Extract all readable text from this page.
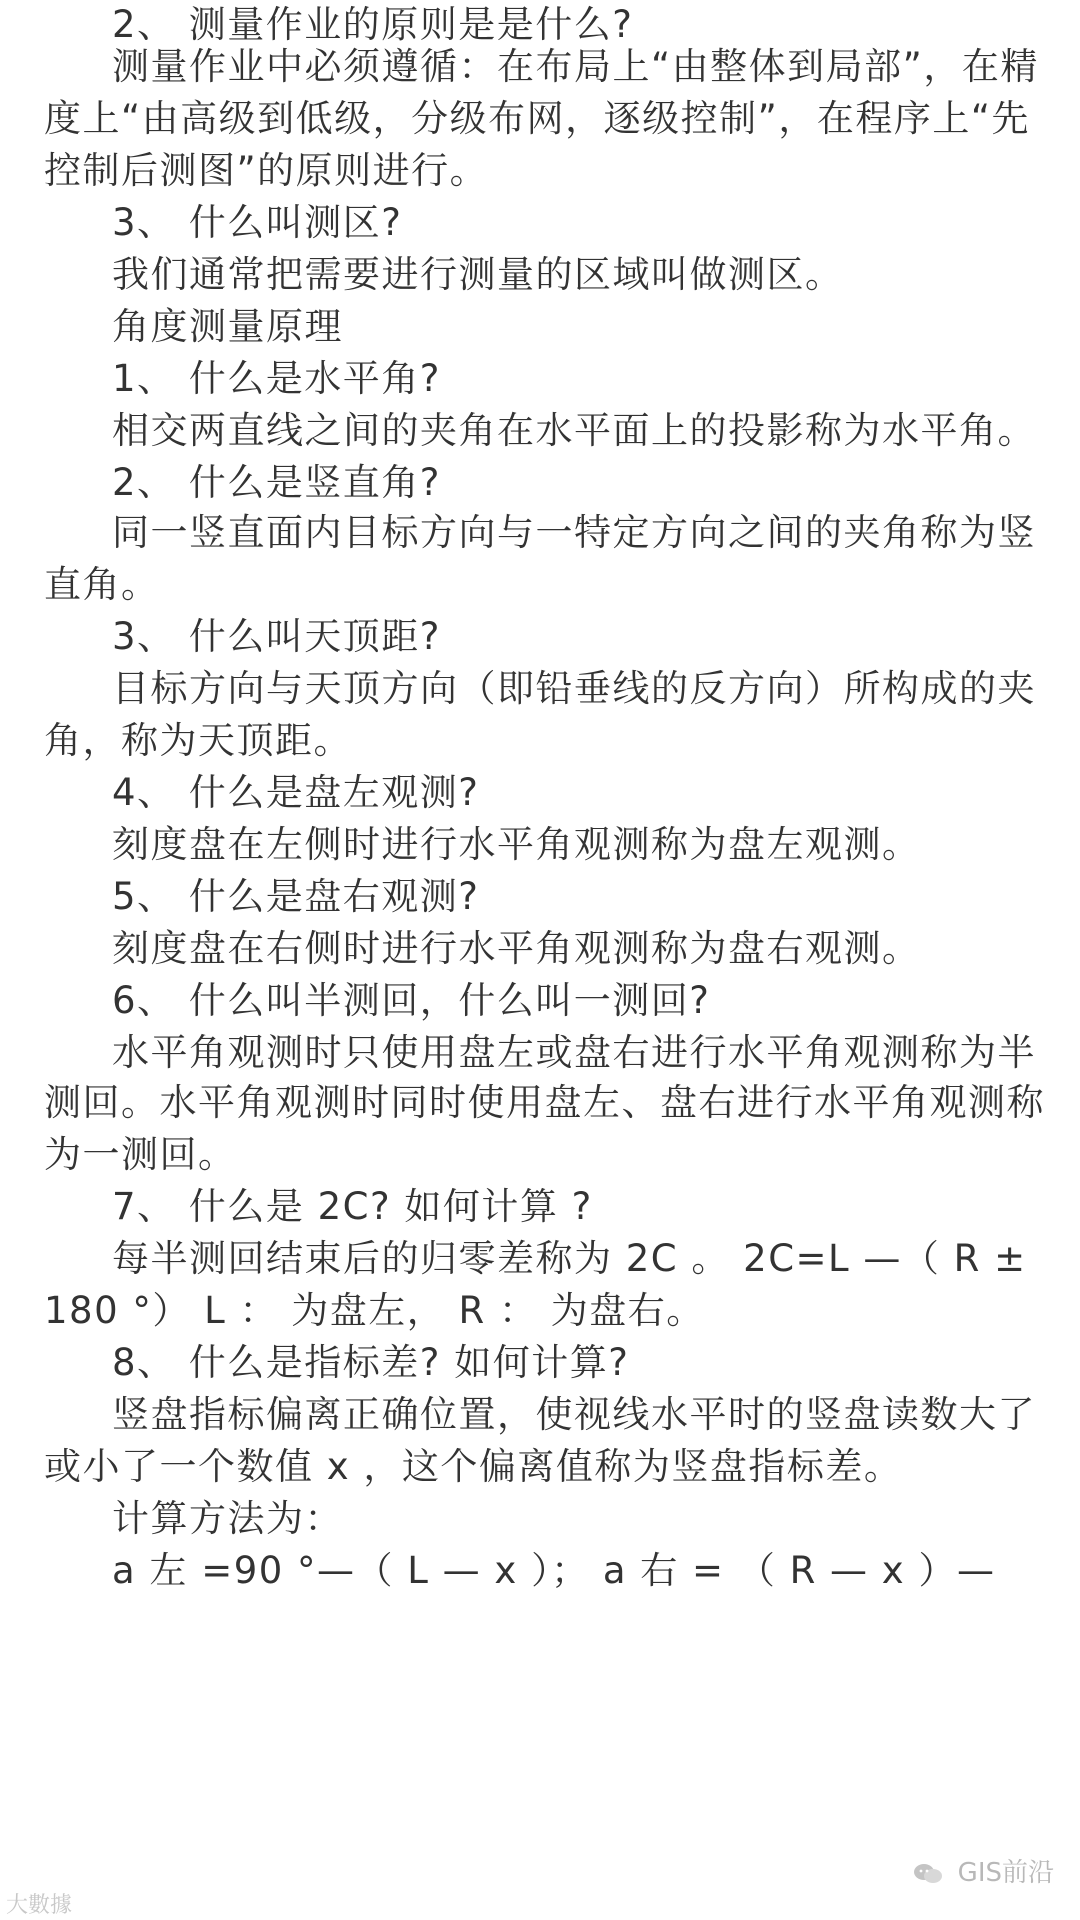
2、 测量作业的原则是是什么?
测量作业中必须遵循：在布局上“由整体到局部”，在精
度上“由高级到低级，分级布网，逐级控制”，在程序上“先
控制后测图”的原则进行。
3、 什么叫测区?
我们通常把需要进行测量的区域叫做测区。
角度测量原理
1、 什么是水平角?
相交两直线之间的夹角在水平面上的投影称为水平角。
2、 什么是竖直角?
同一竖直面内目标方向与一特定方向之间的夹角称为竖
直角。
3、 什么叫天顶距?
目标方向与天顶方向（即铅垂线的反方向）所构成的夹
角，称为天顶距。
4、 什么是盘左观测?
刻度盘在左侧时进行水平角观测称为盘左观测。
5、 什么是盘右观测?
刻度盘在右侧时进行水平角观测称为盘右观测。
6、 什么叫半测回，什么叫一测回?
水平角观测时只使用盘左或盘右进行水平角观测称为半
测回。水平角观测时同时使用盘左、盘右进行水平角观测称
为一测回。
7、 什么是 2C? 如何计算 ?
每半测回结束后的归零差称为 2C 。 2C=L —（ R ±
180 °） L ： 为盘左， R ： 为盘右。
8、 什么是指标差? 如何计算?
竖盘指标偏离正确位置，使视线水平时的竖盘读数大了
或小了一个数值 x ，这个偏离值称为竖盘指标差。
计算方法为：
a 左 =90 °—（ L — x ）； a 右 = （ R — x ）—
大數據
GIS前沿
